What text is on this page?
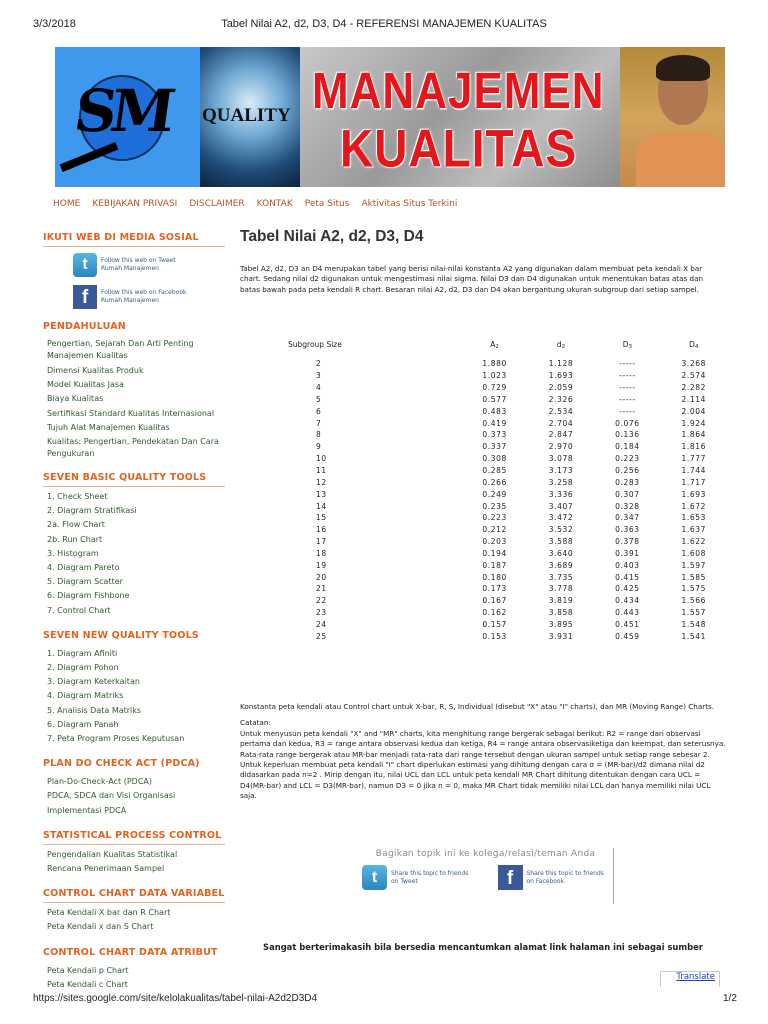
3/3/2018	Tabel Nilai A2, d2, D3, D4 - REFERENSI MANAJEMEN KUALITAS
SM QUALITY MANAJEMEN
KUALITAS
HOME KEBIJAKAN PRIVASI DISCLAIMER KONTAK Peta Situs Aktivitas Situs Terkini
IKUTI WEB DI MEDIA SOSIAL
t	Follow this web on Tweet
Rumah Manajemen
f	Follow this web on Facebook
Rumah Manajemen
PENDAHULUAN
Pengertian, Sejarah Dan Arti Penting Manajemen Kualitas
Dimensi Kualitas Produk
Model Kualitas Jasa
Biaya Kualitas
Sertifikasi Standard Kualitas Internasional
Tujuh Alat Manajemen Kualitas
Kualitas: Pengertian, Pendekatan Dan Cara Pengukuran
SEVEN BASIC QUALITY TOOLS
1. Check Sheet
2. Diagram Stratifikasi
2a. Flow Chart
2b. Run Chart
3. Histogram
4. Diagram Pareto
5. Diagram Scatter
6. Diagram Fishbone
7. Control Chart
SEVEN NEW QUALITY TOOLS
1. Diagram Afiniti
2. Diagram Pohon
3. Diagram Keterkaitan
4. Diagram Matriks
5. Analisis Data Matriks
6. Diagram Panah
7. Peta Program Proses Keputusan
PLAN DO CHECK ACT (PDCA)
Plan-Do-Check-Act (PDCA)
PDCA, SDCA dan Visi Organisasi
Implementasi PDCA
STATISTICAL PROCESS CONTROL
Pengendalian Kualitas Statistikal
Rencana Penerimaan Sampel
CONTROL CHART DATA VARIABEL
Peta Kendali X bar dan R Chart
Peta Kendali x dan S Chart
CONTROL CHART DATA ATRIBUT
Peta Kendali p Chart
Peta Kendali c Chart
Tabel Nilai A2, d2, D3, D4

Tabel A2, d2, D3 an D4 merupakan tabel yang berisi nilai-nilai konstanta A2 yang digunakan dalam membuat peta kendali X bar chart. Sedang nilai d2 digunakan untuk mengestimasi nilai sigma. Nilai D3 dan D4 digunakan untuk menentukan batas atas dan batas bawah pada peta kendali R chart. Besaran nilai A2, d2, D3 dan D4 akan bergantung ukuran subgroup dari setiap sampel.

Subgroup Size	$A_2$	$d_2$	$D_3$	$D_4$
2	1.880	1.128	-----	3.268
3	1.023	1.693	-----	2.574
4	0.729	2.059	-----	2.282
5	0.577	2.326	-----	2.114
6	0.483	2.534	-----	2.004
7	0.419	2.704	0.076	1.924
8	0.373	2.847	0.136	1.864
9	0.337	2.970	0.184	1.816
10	0.308	3.078	0.223	1.777
11	0.285	3.173	0.256	1.744
12	0.266	3.258	0.283	1.717
13	0.249	3.336	0.307	1.693
14	0.235	3.407	0.328	1.672
15	0.223	3.472	0.347	1.653
16	0.212	3.532	0.363	1.637
17	0.203	3.588	0.378	1.622
18	0.194	3.640	0.391	1.608
19	0.187	3.689	0.403	1.597
20	0.180	3.735	0.415	1.585
21	0.173	3.778	0.425	1.575
22	0.167	3.819	0.434	1.566
23	0.162	3.858	0.443	1.557
24	0.157	3.895	0.451	1.548
25	0.153	3.931	0.459	1.541

Konstanta peta kendali atau Control chart untuk X-bar, R, S, Individual (disebut "X" atau "I" charts), dan MR (Moving Range) Charts.

Catatan:

Untuk menyusun peta kendali "X" and "MR" charts, kita menghitung range bergerak sebagai berikut: R2 = range dari observasi pertama dan kedua, R3 = range antara observasi kedua dan ketiga, R4 = range antara observasiketiga dan keempat, dan seterusnya. Rata-rata range bergerak atau MR-bar menjadi rata-rata dari range tersebut dengan ukuran sampel untuk setiap range sebesar 2. Untuk keperluan membuat peta kendali "I" chart diperlukan estimasi yang dihitung dengan cara σ = (MR-bar)/d2 dimana nilai d2 didasarkan pada n=2 . Mirip dengan itu, nilai UCL dan LCL untuk peta kendali MR Chart dihitung ditentukan dengan cara UCL = D4(MR-bar) and LCL = D3(MR-bar), namun D3 = 0 jika n = 0, maka MR Chart tidak memiliki nilai LCL dan hanya memiliki nilai UCL saja.

Bagikan topik ini ke kolega/relasi/teman Anda
t	Share this topic to friends
on Tweet	f	Share this topic to friends
on Facebook
Sangat berterimakasih bila bersedia mencantumkan alamat link halaman ini sebagai sumber
Translate
https://sites.google.com/site/kelolakualitas/tabel-nilai-A2d2D3D4	1/2
